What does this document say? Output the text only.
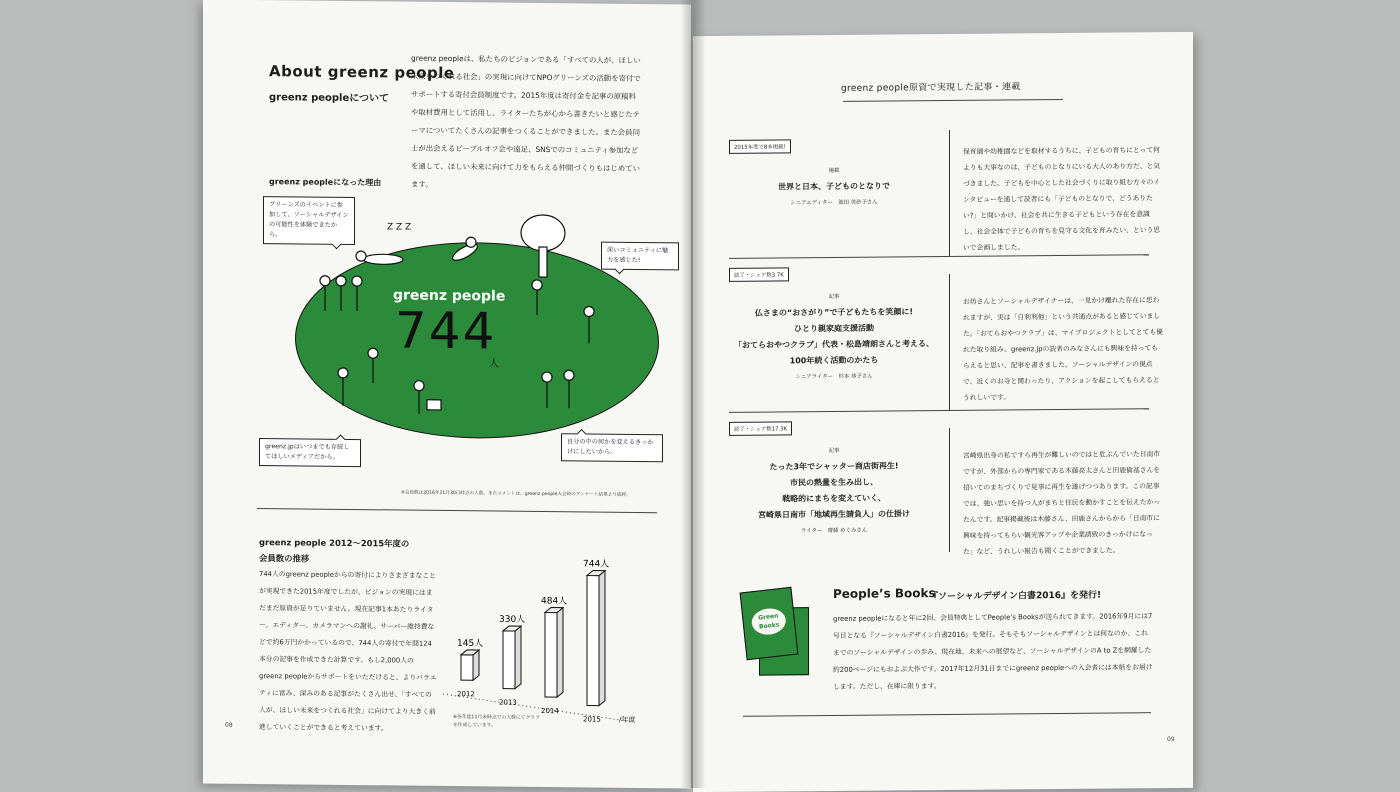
About greenz people
greenz peopleについて
greenz peopleは、私たちのビジョンである「すべての人が、ほしい未来をつくれる社会」の実現に向けてNPOグリーンズの活動を寄付でサポートする寄付会員制度です。2015年度は寄付金を記事の原稿料や取材費用として活用し、ライターたちが心から書きたいと感じたテーマについてたくさんの記事をつくることができました。また会員同士が出会えるピープルオフ会や遠足、SNSでのコミュニティ参加などを通して、ほしい未来に向けて力をもらえる仲間づくりもはじめています。
greenz peopleになった理由
Z Z Z
greenz people
744
人
グリーンズのイベントに参加して、ソーシャルデザインの可能性を体験できたから。
深いコミュニティに魅力を感じた!
greenz.jpはいつまでも存続してほしいメディアだから。
自分の中の何かを変えるきっかけにしたいから。
※会員数は2016年11月30日時点の人数。またコメントは、greenz people入会時のアンケート結果より抜粋。
greenz people 2012〜2015年度の
会員数の推移
744人のgreenz peopleからの寄付によりさまざまなことが実現できた2015年度でしたが、ビジョンの実現にはまだまだ原資が足りていません。現在記事1本あたりライター、エディター、カメラマンへの謝礼、サーバー維持費などで約6万円かかっているので、744人の寄付で年間124本分の記事を作成できた計算です。もし2,000人のgreenz peopleからサポートをいただけると、よりバラエティに富み、深みのある記事がたくさん出せ、「すべての人が、ほしい未来をつくれる社会」に向けてより大きく前進していくことができると考えています。
145人
2012
330人
2013
484人
2014
744人
2015	/年度
※各年度11月末時点での人数にてグラフを作成しています。
08
greenz people原資で実現した記事・連載
2015年度で8本掲載!
連載
世界と日本、子どものとなりで
シニアエディター　 池田 美砂子さん
保育園や幼稚園などを取材するうちに、子どもの育ちにとって何よりも大事なのは、子どものとなりにいる大人のあり方だ、と気づきました。子どもを中心とした社会づくりに取り組む方々のインタビューを通して読者にも「子どものとなりで、どうありたい?」と問いかけ、社会を共に生きる子どもという存在を意識し、社会全体で子どもの育ちを見守る文化を育みたい、という思いで企画しました。
読了・シェア数3.7K
記事
仏さまの“おさがり”で子どもたちを笑顔に!
ひとり親家庭支援活動
「おてらおやつクラブ」代表・松島靖朗さんと考える、
100年続く活動のかたち
シニアライター　 杉本 恭子さん
お坊さんとソーシャルデザイナーは、一見かけ離れた存在に思われますが、実は「自利利他」という共通点があると感じていました。「おてらおやつクラブ」は、マイプロジェクトとしてとても優れた取り組み。greenz.jpの読者のみなさんにも興味を持ってもらえると思い、記事を書きました。ソーシャルデザインの視点で、近くのお寺と関わったり、アクションを起こしてもらえるとうれしいです。
読了・シェア数17.3K
記事
たった3年でシャッター商店街再生!
市民の熱量を生み出し、
戦略的にまちを変えていく、
宮崎県日南市「地域再生請負人」の仕掛け
ライター　 齋藤 めぐみさん
宮崎県出身の私ですら再生が難しいのではと危ぶんでいた日南市ですが、外部からの専門家である木藤亮太さんと田鹿倫基さんを招いてのまちづくりで見事に再生を遂げつつあります。この記事では、強い思いを持つ人がまちと住民を動かすことを伝えたかったんです。記事掲載後は木藤さん、田鹿さんからから「日南市に興味を持ってもらい観光客アップや企業誘致のきっかけになった」など、うれしい報告も聞くことができました。
Green Books
People’s Books
『ソーシャルデザイン白書2016』を発行!
greenz peopleになると年に2回、会員特典としてPeople’s Booksが送られてきます。2016年9月には7号目となる『ソーシャルデザイン白書2016』を発行。そもそもソーシャルデザインとは何なのか、これまでのソーシャルデザインの歩み、現在地、未来への展望など、ソーシャルデザインのA to Zを網羅した約200ページにもおよぶ大作です。2017年12月31日までにgreenz peopleへの入会者には本紙をお届けします。ただし、在庫に限ります。
09
